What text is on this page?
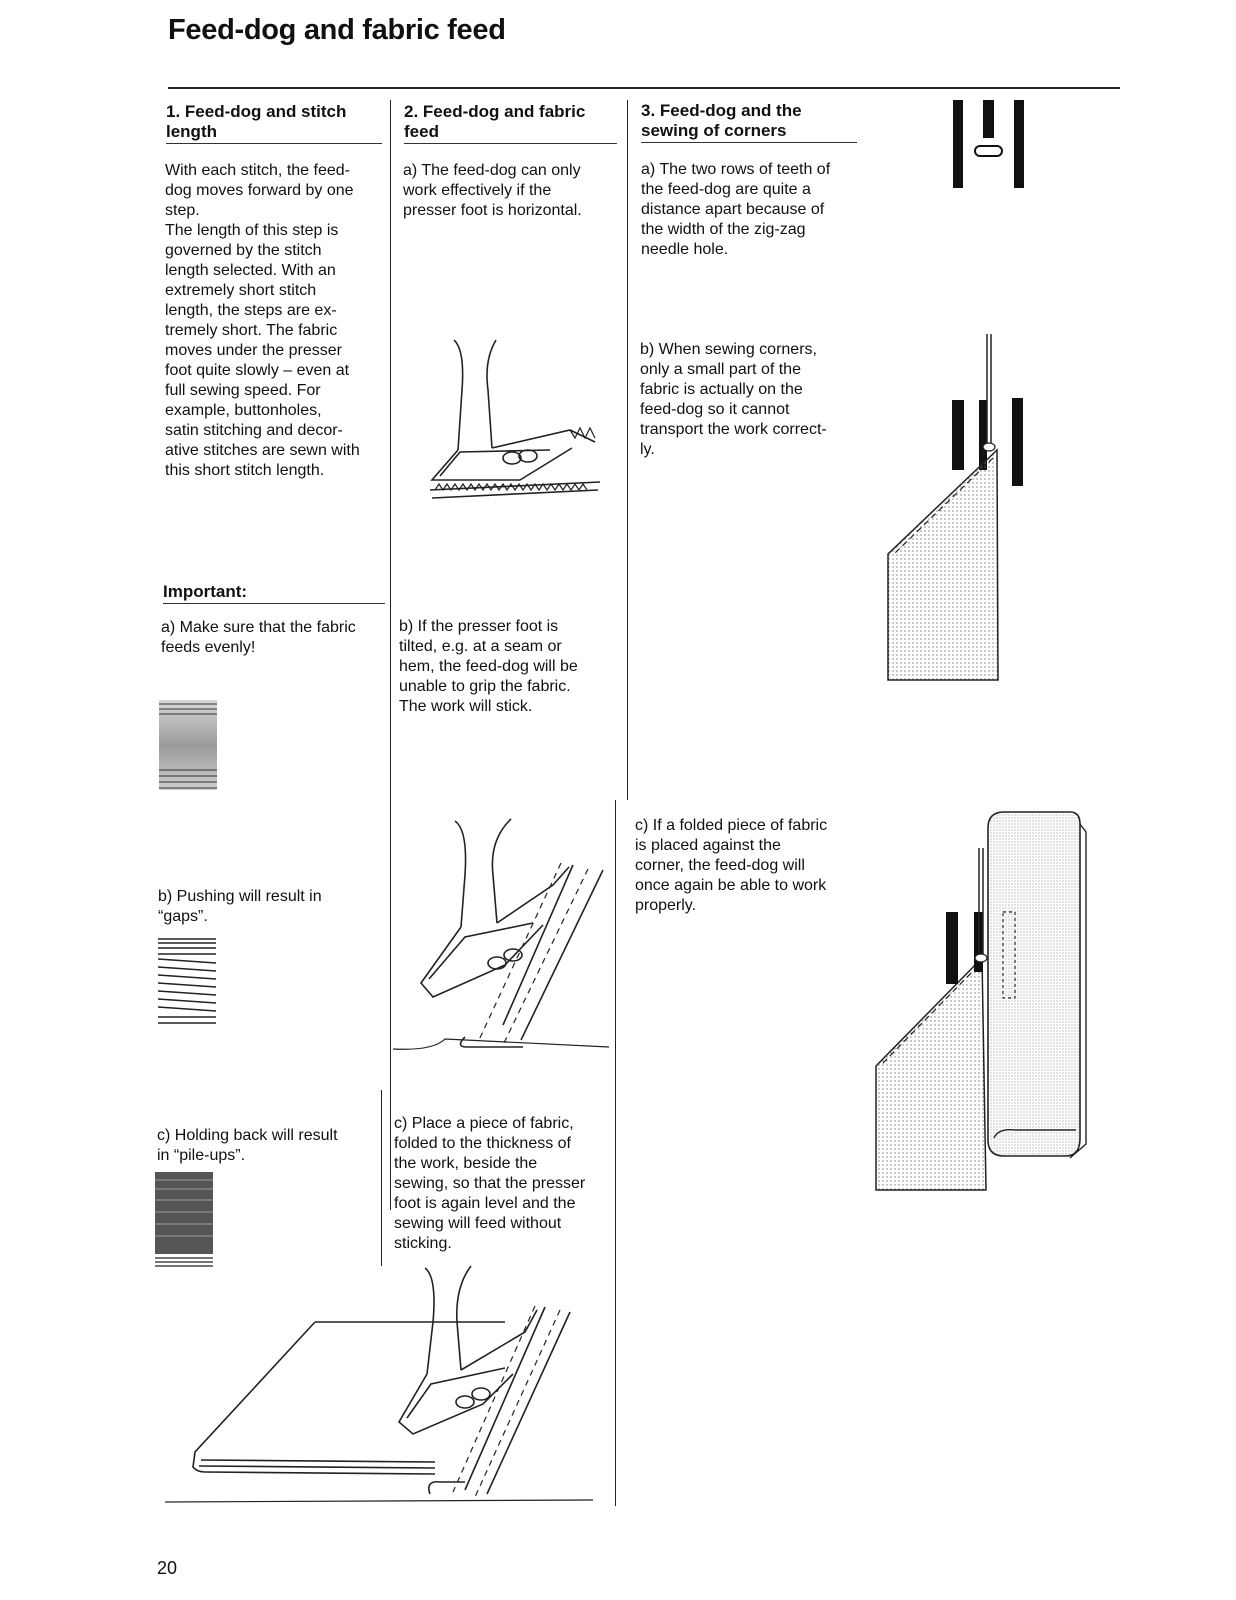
Feed-dog and fabric feed
1. Feed-dog and stitch length

With each stitch, the feed-
dog moves forward by one
step.
The length of this step is
governed by the stitch
length selected. With an
extremely short stitch
length, the steps are ex-
tremely short. The fabric
moves under the presser
foot quite slowly – even at
full sewing speed. For
example, buttonholes,
satin stitching and decor-
ative stitches are sewn with
this short stitch length.

Important:

a) Make sure that the fabric
feeds evenly!

b) Pushing will result in
“gaps”.

c) Holding back will result
in “pile-ups”.

2. Feed-dog and fabric feed

a) The feed-dog can only
work effectively if the
presser foot is horizontal.

b) If the presser foot is
tilted, e.g. at a seam or
hem, the feed-dog will be
unable to grip the fabric.
The work will stick.

c) Place a piece of fabric,
folded to the thickness of
the work, beside the
sewing, so that the presser
foot is again level and the
sewing will feed without
sticking.

3. Feed-dog and the sewing of corners

a) The two rows of teeth of
the feed-dog are quite a
distance apart because of
the width of the zig-zag
needle hole.

b) When sewing corners,
only a small part of the
fabric is actually on the
feed-dog so it cannot
transport the work correct-
ly.

c) If a folded piece of fabric
is placed against the
corner, the feed-dog will
once again be able to work
properly.

20
